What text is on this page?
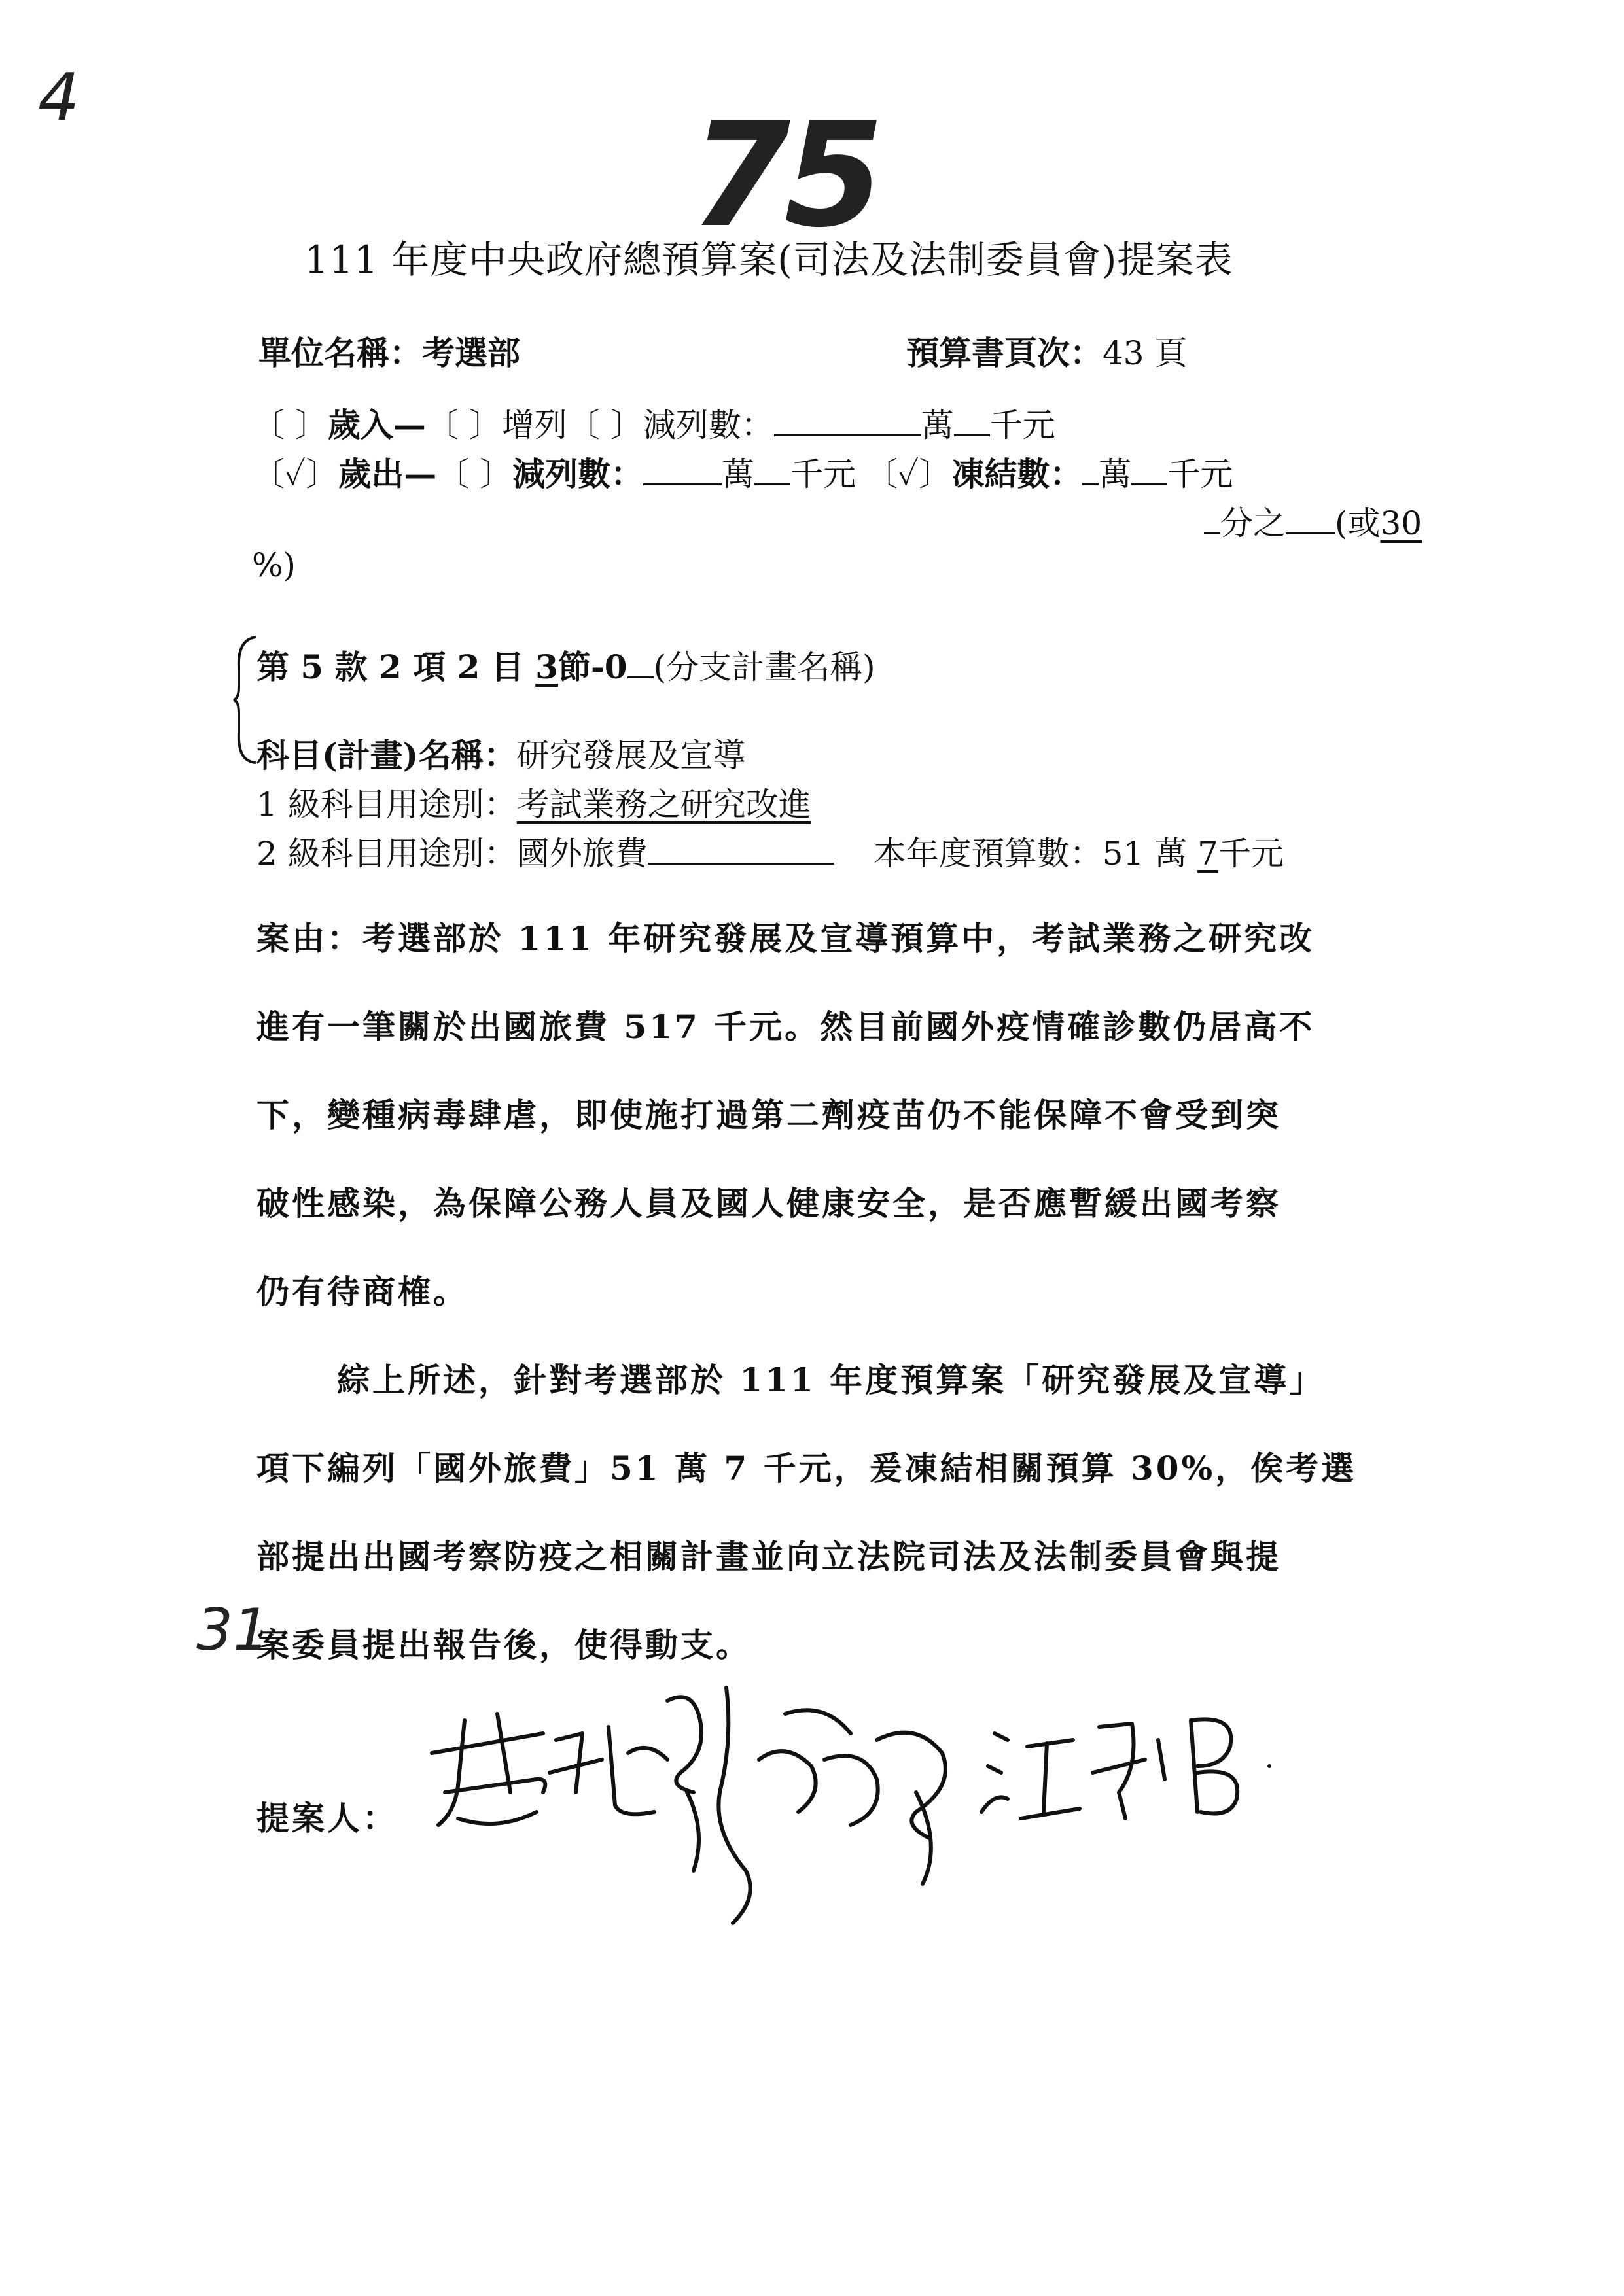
4	75
111 年度中央政府總預算案(司法及法制委員會)提案表
單位名稱：考選部	預算書頁次：43 頁
〔 〕歲入—〔 〕增列〔 〕減列數：	萬 千元
〔✓〕歲出—〔 〕減列數： 萬 千元 〔✓〕凍結數： 萬 千元
分之 (或30
%)
第 5 款 2 項 2 目 3節-0 (分支計畫名稱)
科目(計畫)名稱：研究發展及宣導
1 級科目用途別：考試業務之研究改進
2 級科目用途別：國外旅費	本年度預算數：51 萬 7千元
案由：考選部於 111 年研究發展及宣導預算中，考試業務之研究改
進有一筆關於出國旅費 517 千元。然目前國外疫情確診數仍居高不
下，變種病毒肆虐，即使施打過第二劑疫苗仍不能保障不會受到突
破性感染，為保障公務人員及國人健康安全，是否應暫緩出國考察
仍有待商榷。
綜上所述，針對考選部於 111 年度預算案「研究發展及宣導」
項下編列「國外旅費」51 萬 7 千元，爰凍結相關預算 30%，俟考選
部提出出國考察防疫之相關計畫並向立法院司法及法制委員會與提
案委員提出報告後，使得動支。
31
提案人：
